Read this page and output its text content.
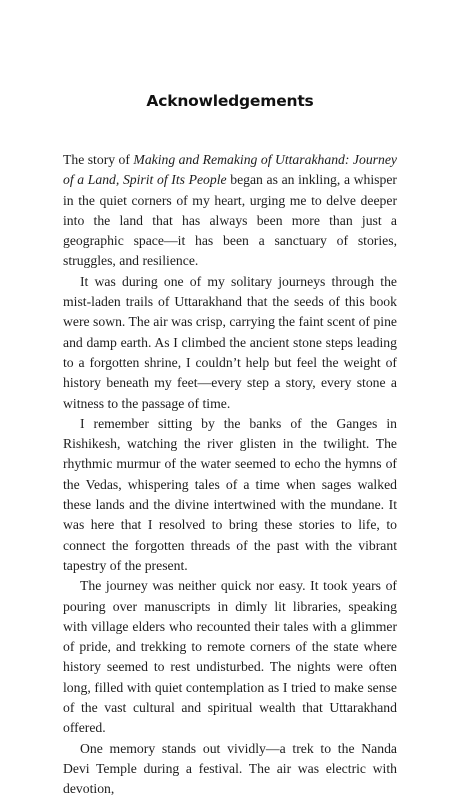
Acknowledgements

The story of Making and Remaking of Uttarakhand: Journey of a Land, Spirit of Its People began as an inkling, a whisper in the quiet corners of my heart, urging me to delve deeper into the land that has always been more than just a geographic space—it has been a sanctuary of stories, struggles, and resilience.

It was during one of my solitary journeys through the mist-laden trails of Uttarakhand that the seeds of this book were sown. The air was crisp, carrying the faint scent of pine and damp earth. As I climbed the ancient stone steps leading to a forgotten shrine, I couldn’t help but feel the weight of history beneath my feet—every step a story, every stone a witness to the passage of time.

I remember sitting by the banks of the Ganges in Rishikesh, watching the river glisten in the twilight. The rhythmic murmur of the water seemed to echo the hymns of the Vedas, whispering tales of a time when sages walked these lands and the divine intertwined with the mundane. It was here that I resolved to bring these stories to life, to connect the forgotten threads of the past with the vibrant tapestry of the present.

The journey was neither quick nor easy. It took years of pouring over manuscripts in dimly lit libraries, speaking with village elders who recounted their tales with a glimmer of pride, and trekking to remote corners of the state where history seemed to rest undisturbed. The nights were often long, filled with quiet contemplation as I tried to make sense of the vast cultural and spiritual wealth that Uttarakhand offered.

One memory stands out vividly—a trek to the Nanda Devi Temple during a festival. The air was electric with devotion,
